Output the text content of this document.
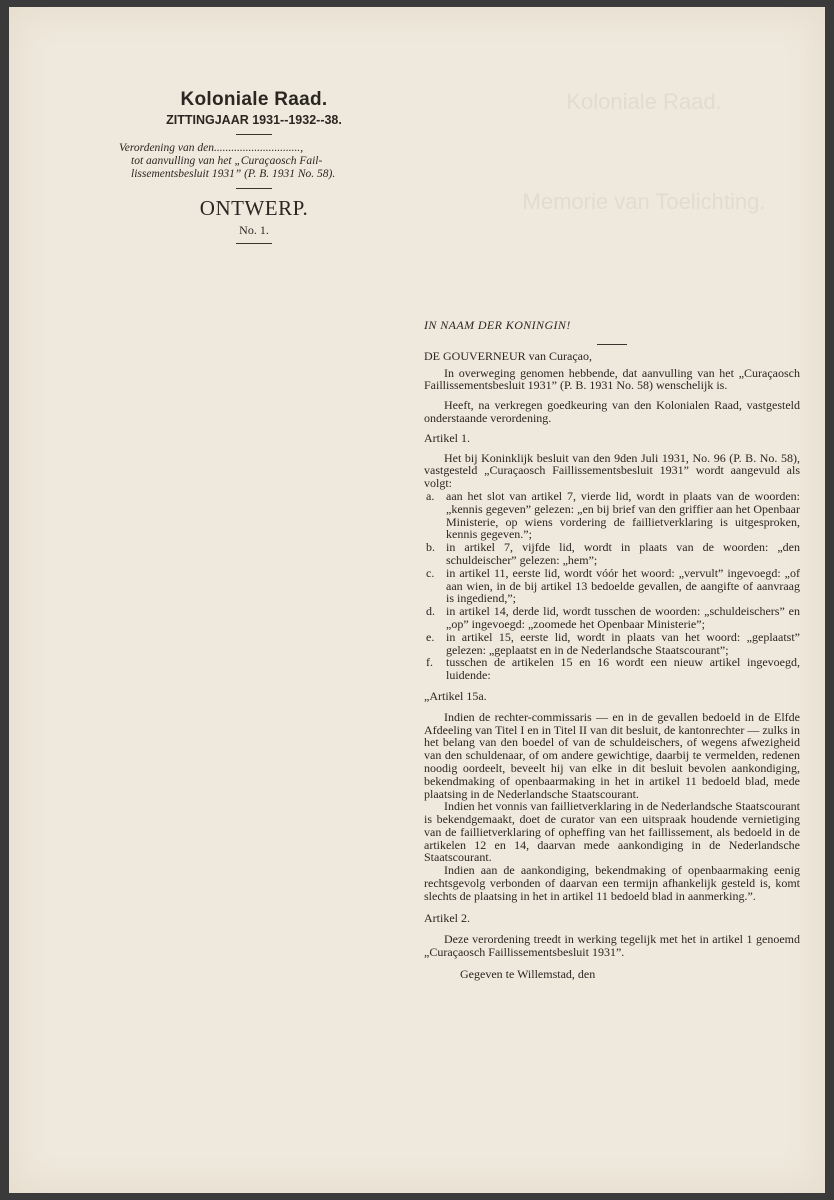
Koloniale Raad.
Memorie van Toelichting.

Koloniale Raad.

ZITTINGJAAR 1931--1932--38.

Verordening van den..............................,
tot aanvulling van het „Curaçaosch Fail-
lissementsbesluit 1931” (P. B. 1931 No. 58).

ONTWERP.

No. 1.

IN NAAM DER KONINGIN!

DE GOUVERNEUR van Curaçao,

In overweging genomen hebbende, dat aanvulling van het „Curaçaosch Faillissementsbesluit 1931” (P. B. 1931 No. 58) wenschelijk is.

Heeft, na verkregen goedkeuring van den Kolonialen Raad, vastgesteld onderstaande verordening.

Artikel 1.

Het bij Koninklijk besluit van den 9den Juli 1931, No. 96 (P. B. No. 58), vastgesteld „Curaçaosch Faillissementsbesluit 1931” wordt aangevuld als volgt:

a. aan het slot van artikel 7, vierde lid, wordt in plaats van de woorden: „kennis gegeven” gelezen: „en bij brief van den griffier aan het Openbaar Ministerie, op wiens vordering de faillietverklaring is uitgesproken, kennis gegeven.”;
b. in artikel 7, vijfde lid, wordt in plaats van de woorden: „den schuldeischer” gelezen: „hem”;
c. in artikel 11, eerste lid, wordt vóór het woord: „vervult” ingevoegd: „of aan wien, in de bij artikel 13 bedoelde gevallen, de aangifte of aanvraag is ingediend,”;
d. in artikel 14, derde lid, wordt tusschen de woorden: „schuldeischers” en „op” ingevoegd: „zoomede het Openbaar Ministerie”;
e. in artikel 15, eerste lid, wordt in plaats van het woord: „geplaatst” gelezen: „geplaatst en in de Nederlandsche Staatscourant”;
f.	tusschen de artikelen 15 en 16 wordt een nieuw artikel ingevoegd, luidende:

„Artikel 15a.

Indien de rechter-commissaris — en in de gevallen bedoeld in de Elfde Afdeeling van Titel I en in Titel II van dit besluit, de kantonrechter — zulks in het belang van den boedel of van de schuldeischers, of wegens afwezigheid van den schuldenaar, of om andere gewichtige, daarbij te vermelden, redenen noodig oordeelt, beveelt hij van elke in dit besluit bevolen aankondiging, bekendmaking of openbaarmaking in het in artikel 11 bedoeld blad, mede plaatsing in de Nederlandsche Staatscourant.

Indien het vonnis van faillietverklaring in de Nederlandsche Staatscourant is bekendgemaakt, doet de curator van een uitspraak houdende vernietiging van de faillietverklaring of opheffing van het faillissement, als bedoeld in de artikelen 12 en 14, daarvan mede aankondiging in de Nederlandsche Staatscourant.

Indien aan de aankondiging, bekendmaking of openbaarmaking eenig rechtsgevolg verbonden of daarvan een termijn afhankelijk gesteld is, komt slechts de plaatsing in het in artikel 11 bedoeld blad in aanmerking.”.

Artikel 2.

Deze verordening treedt in werking tegelijk met het in artikel 1 genoemd „Curaçaosch Faillissementsbesluit 1931”.

Gegeven te Willemstad, den
